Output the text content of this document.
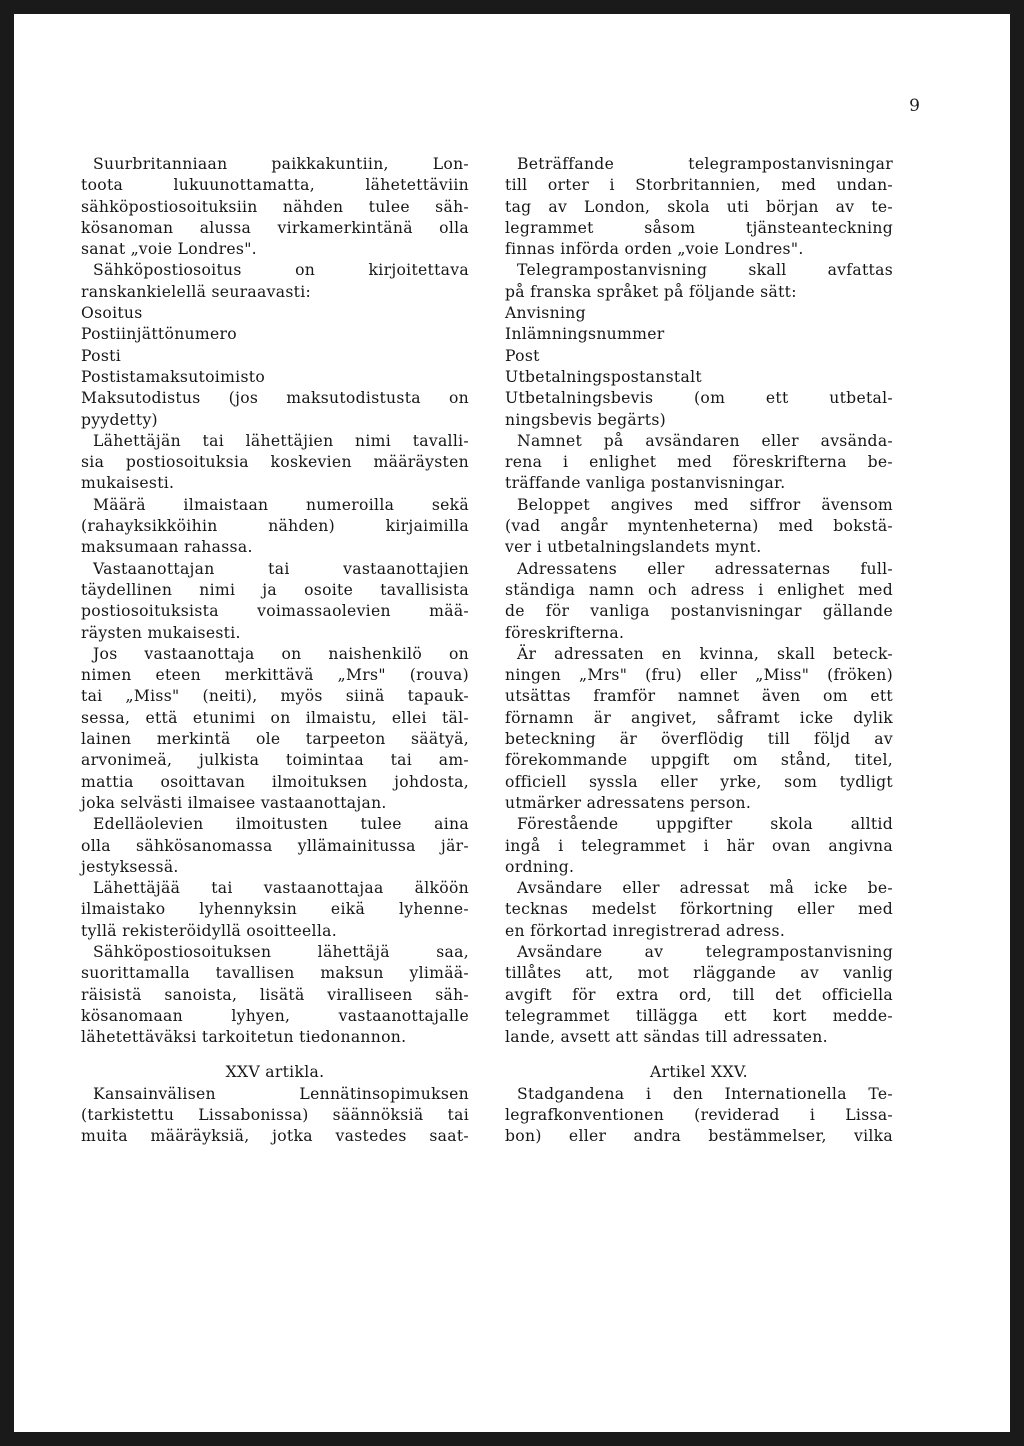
9
Suurbritanniaan paikkakuntiin, Lon-
toota lukuunottamatta, lähetettäviin
sähköpostiosoituksiin nähden tulee säh-
kösanoman alussa virkamerkintänä olla
sanat „voie Londres".
Sähköpostiosoitus on kirjoitettava
ranskankielellä seuraavasti:
Osoitus
Postiinjättönumero
Posti
Postistamaksutoimisto
Maksutodistus (jos maksutodistusta on
pyydetty)
Lähettäjän tai lähettäjien nimi tavalli-
sia postiosoituksia koskevien määräysten
mukaisesti.
Määrä ilmaistaan numeroilla sekä
(rahayksikköihin nähden) kirjaimilla
maksumaan rahassa.
Vastaanottajan tai vastaanottajien
täydellinen nimi ja osoite tavallisista
postiosoituksista voimassaolevien mää-
räysten mukaisesti.
Jos vastaanottaja on naishenkilö on
nimen eteen merkittävä „Mrs" (rouva)
tai „Miss" (neiti), myös siinä tapauk-
sessa, että etunimi on ilmaistu, ellei täl-
lainen merkintä ole tarpeeton säätyä,
arvonimeä, julkista toimintaa tai am-
mattia osoittavan ilmoituksen johdosta,
joka selvästi ilmaisee vastaanottajan.
Edelläolevien ilmoitusten tulee aina
olla sähkösanomassa yllämainitussa jär-
jestyksessä.
Lähettäjää tai vastaanottajaa älköön
ilmaistako lyhennyksin eikä lyhenne-
tyllä rekisteröidyllä osoitteella.
Sähköpostiosoituksen lähettäjä saa,
suorittamalla tavallisen maksun ylimää-
räisistä sanoista, lisätä viralliseen säh-
kösanomaan lyhyen, vastaanottajalle
lähetettäväksi tarkoitetun tiedonannon.
XXV artikla.
Kansainvälisen Lennätinsopimuksen
(tarkistettu Lissabonissa) säännöksiä tai
muita määräyksiä, jotka vastedes saat-
Beträffande telegrampostanvisningar
till orter i Storbritannien, med undan-
tag av London, skola uti början av te-
legrammet såsom tjänsteanteckning
finnas införda orden „voie Londres".
Telegrampostanvisning skall avfattas
på franska språket på följande sätt:
Anvisning
Inlämningsnummer
Post
Utbetalningspostanstalt
Utbetalningsbevis (om ett utbetal-
ningsbevis begärts)
Namnet på avsändaren eller avsända-
rena i enlighet med föreskrifterna be-
träffande vanliga postanvisningar.
Beloppet angives med siffror ävensom
(vad angår myntenheterna) med bokstä-
ver i utbetalningslandets mynt.
Adressatens eller adressaternas full-
ständiga namn och adress i enlighet med
de för vanliga postanvisningar gällande
föreskrifterna.
Är adressaten en kvinna, skall beteck-
ningen „Mrs" (fru) eller „Miss" (fröken)
utsättas framför namnet även om ett
förnamn är angivet, såframt icke dylik
beteckning är överflödig till följd av
förekommande uppgift om stånd, titel,
officiell syssla eller yrke, som tydligt
utmärker adressatens person.
Förestående uppgifter skola alltid
ingå i telegrammet i här ovan angivna
ordning.
Avsändare eller adressat må icke be-
tecknas medelst förkortning eller med
en förkortad inregistrerad adress.
Avsändare av telegrampostanvisning
tillåtes att, mot rläggande av vanlig
avgift för extra ord, till det officiella
telegrammet tillägga ett kort medde-
lande, avsett att sändas till adressaten.
Artikel XXV.
Stadgandena i den Internationella Te-
legrafkonventionen (reviderad i Lissa-
bon) eller andra bestämmelser, vilka
